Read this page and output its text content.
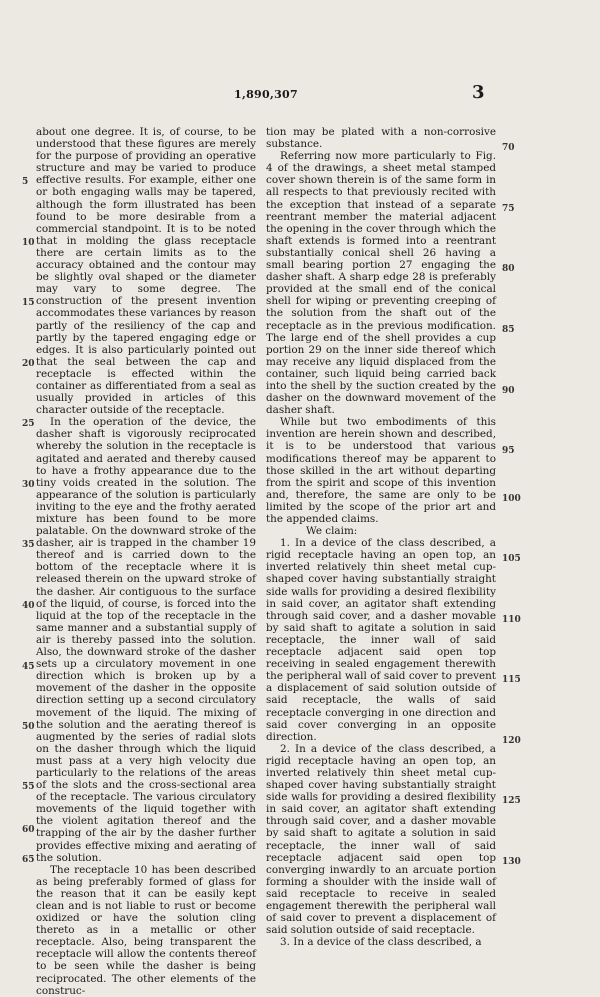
1,890,307	3

about one degree. It is, of course, to be understood that these figures are merely for the purpose of providing an operative structure and may be varied to produce effective results. For example, either one or both engaging walls may be tapered, although the form illustrated has been found to be more desirable from a commercial standpoint. It is to be noted that in molding the glass receptacle there are certain limits as to the accuracy obtained and the contour may be slightly oval shaped or the diameter may vary to some degree. The construction of the present invention accommodates these variances by reason partly of the resiliency of the cap and partly by the tapered engaging edge or edges. It is also particularly pointed out that the seal between the cap and receptacle is effected within the container as differentiated from a seal as usually provided in articles of this character outside of the receptacle.

In the operation of the device, the dasher shaft is vigorously reciprocated whereby the solution in the receptacle is agitated and aerated and thereby caused to have a frothy appearance due to the tiny voids created in the solution. The appearance of the solution is particularly inviting to the eye and the frothy aerated mixture has been found to be more palatable. On the downward stroke of the dasher, air is trapped in the chamber 19 thereof and is carried down to the bottom of the receptacle where it is released therein on the upward stroke of the dasher. Air contiguous to the surface of the liquid, of course, is forced into the liquid at the top of the receptacle in the same manner and a substantial supply of air is thereby passed into the solution. Also, the downward stroke of the dasher sets up a circulatory movement in one direction which is broken up by a movement of the dasher in the opposite direction setting up a second circulatory movement of the liquid. The mixing of the solution and the aerating thereof is augmented by the series of radial slots on the dasher through which the liquid must pass at a very high velocity due particularly to the relations of the areas of the slots and the cross-sectional area of the receptacle. The various circulatory movements of the liquid together with the violent agitation thereof and the trapping of the air by the dasher further provides effective mixing and aerating of the solution.

The receptacle 10 has been described as being preferably formed of glass for the reason that it can be easily kept clean and is not liable to rust or become oxidized or have the solution cling thereto as in a metallic or other receptacle. Also, being transparent the receptacle will allow the contents thereof to be seen while the dasher is being reciprocated. The other elements of the construc-

tion may be plated with a non-corrosive substance.

Referring now more particularly to Fig. 4 of the drawings, a sheet metal stamped cover shown therein is of the same form in all respects to that previously recited with the exception that instead of a separate reentrant member the material adjacent the opening in the cover through which the shaft extends is formed into a reentrant substantially conical shell 26 having a small bearing portion 27 engaging the dasher shaft. A sharp edge 28 is preferably provided at the small end of the conical shell for wiping or preventing creeping of the solution from the shaft out of the receptacle as in the previous modification. The large end of the shell provides a cup portion 29 on the inner side thereof which may receive any liquid displaced from the container, such liquid being carried back into the shell by the suction created by the dasher on the downward movement of the dasher shaft.

While but two embodiments of this invention are herein shown and described, it is to be understood that various modifications thereof may be apparent to those skilled in the art without departing from the spirit and scope of this invention and, therefore, the same are only to be limited by the scope of the prior art and the appended claims.

We claim:

1. In a device of the class described, a rigid receptacle having an open top, an inverted relatively thin sheet metal cup-shaped cover having substantially straight side walls for providing a desired flexibility in said cover, an agitator shaft extending through said cover, and a dasher movable by said shaft to agitate a solution in said receptacle, the inner wall of said receptacle adjacent said open top receiving in sealed engagement therewith the peripheral wall of said cover to prevent a displacement of said solution outside of said receptacle, the walls of said receptacle converging in one direction and said cover converging in an opposite direction.

2. In a device of the class described, a rigid receptacle having an open top, an inverted relatively thin sheet metal cup-shaped cover having substantially straight side walls for providing a desired flexibility in said cover, an agitator shaft extending through said cover, and a dasher movable by said shaft to agitate a solution in said receptacle, the inner wall of said receptacle adjacent said open top converging inwardly to an arcuate portion forming a shoulder with the inside wall of said receptacle to receive in sealed engagement therewith the peripheral wall of said cover to prevent a displacement of said solution outside of said receptacle.

3. In a device of the class described, a

5
10
15
20
25
30
35
40
45
50
55
60
65
70
75
80
85
90
95
100
105
110
115
120
125
130
